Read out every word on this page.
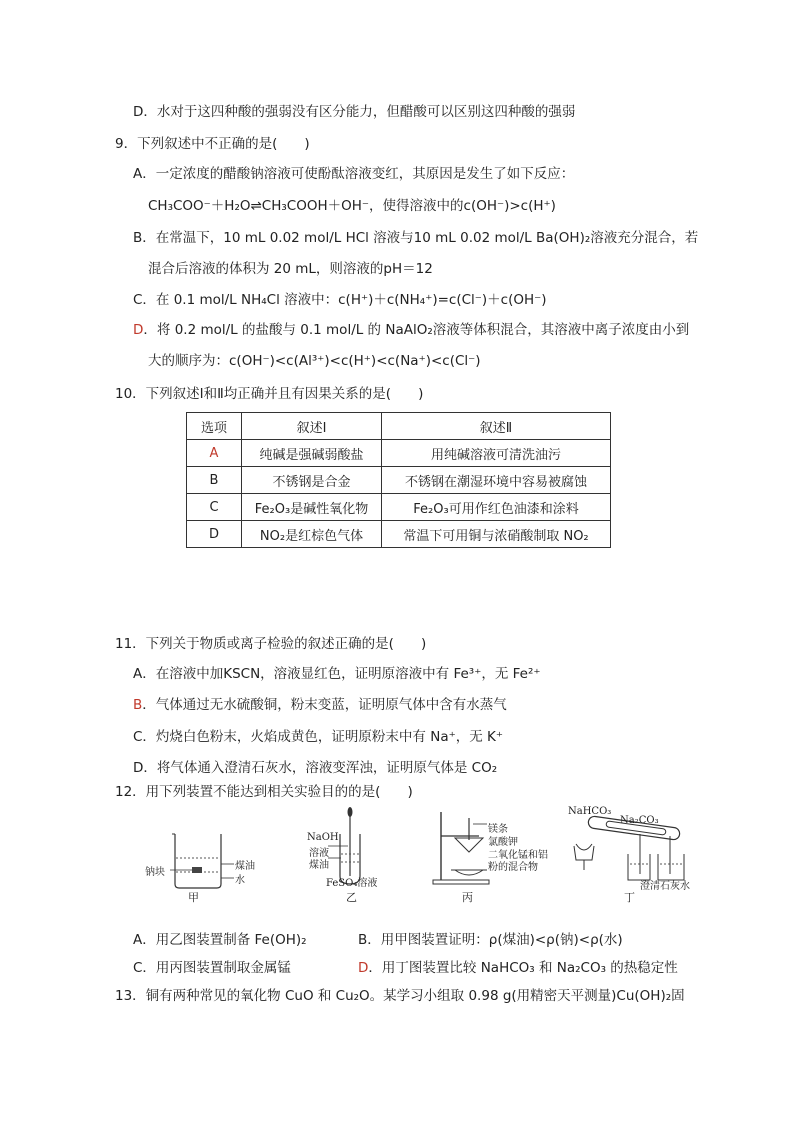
D．水对于这四种酸的强弱没有区分能力，但醋酸可以区别这四种酸的强弱
9．下列叙述中不正确的是(　　)
A．一定浓度的醋酸钠溶液可使酚酞溶液变红，其原因是发生了如下反应：
CH₃COO⁻＋H₂O⇌CH₃COOH＋OH⁻，使得溶液中的c(OH⁻)>c(H⁺)
B．在常温下，10 mL 0.02 mol/L HCl 溶液与10 mL 0.02 mol/L Ba(OH)₂溶液充分混合，若
混合后溶液的体积为 20 mL，则溶液的pH＝12
C．在 0.1 mol/L NH₄Cl 溶液中：c(H⁺)＋c(NH₄⁺)=c(Cl⁻)＋c(OH⁻)
D．将 0.2 mol/L 的盐酸与 0.1 mol/L 的 NaAlO₂溶液等体积混合，其溶液中离子浓度由小到
大的顺序为：c(OH⁻)<c(Al³⁺)<c(H⁺)<c(Na⁺)<c(Cl⁻)
10．下列叙述Ⅰ和Ⅱ均正确并且有因果关系的是(　　)
选项	叙述Ⅰ	叙述Ⅱ
A	纯碱是强碱弱酸盐	用纯碱溶液可清洗油污
B	不锈钢是合金	不锈钢在潮湿环境中容易被腐蚀
C	Fe₂O₃是碱性氧化物	Fe₂O₃可用作红色油漆和涂料
D	NO₂是红棕色气体	常温下可用铜与浓硝酸制取 NO₂
11．下列关于物质或离子检验的叙述正确的是(　　)
A．在溶液中加KSCN，溶液显红色，证明原溶液中有 Fe³⁺，无 Fe²⁺
B．气体通过无水硫酸铜，粉末变蓝，证明原气体中含有水蒸气
C．灼烧白色粉末，火焰成黄色，证明原粉末中有 Na⁺，无 K⁺
D．将气体通入澄清石灰水，溶液变浑浊，证明原气体是 CO₂
12．用下列装置不能达到相关实验目的的是(　　)
钠块
煤油
水
甲
NaOH
溶液
煤油
FeSO₄溶液
乙
镁条
氯酸钾
二氧化锰和铝
粉的混合物
丙
NaHCO₃
Na₂CO₃
澄清石灰水
丁
A．用乙图装置制备 Fe(OH)₂	B．用甲图装置证明：ρ(煤油)<ρ(钠)<ρ(水)
C．用丙图装置制取金属锰	D．用丁图装置比较 NaHCO₃ 和 Na₂CO₃ 的热稳定性
13．铜有两种常见的氧化物 CuO 和 Cu₂O。某学习小组取 0.98 g(用精密天平测量)Cu(OH)₂固
